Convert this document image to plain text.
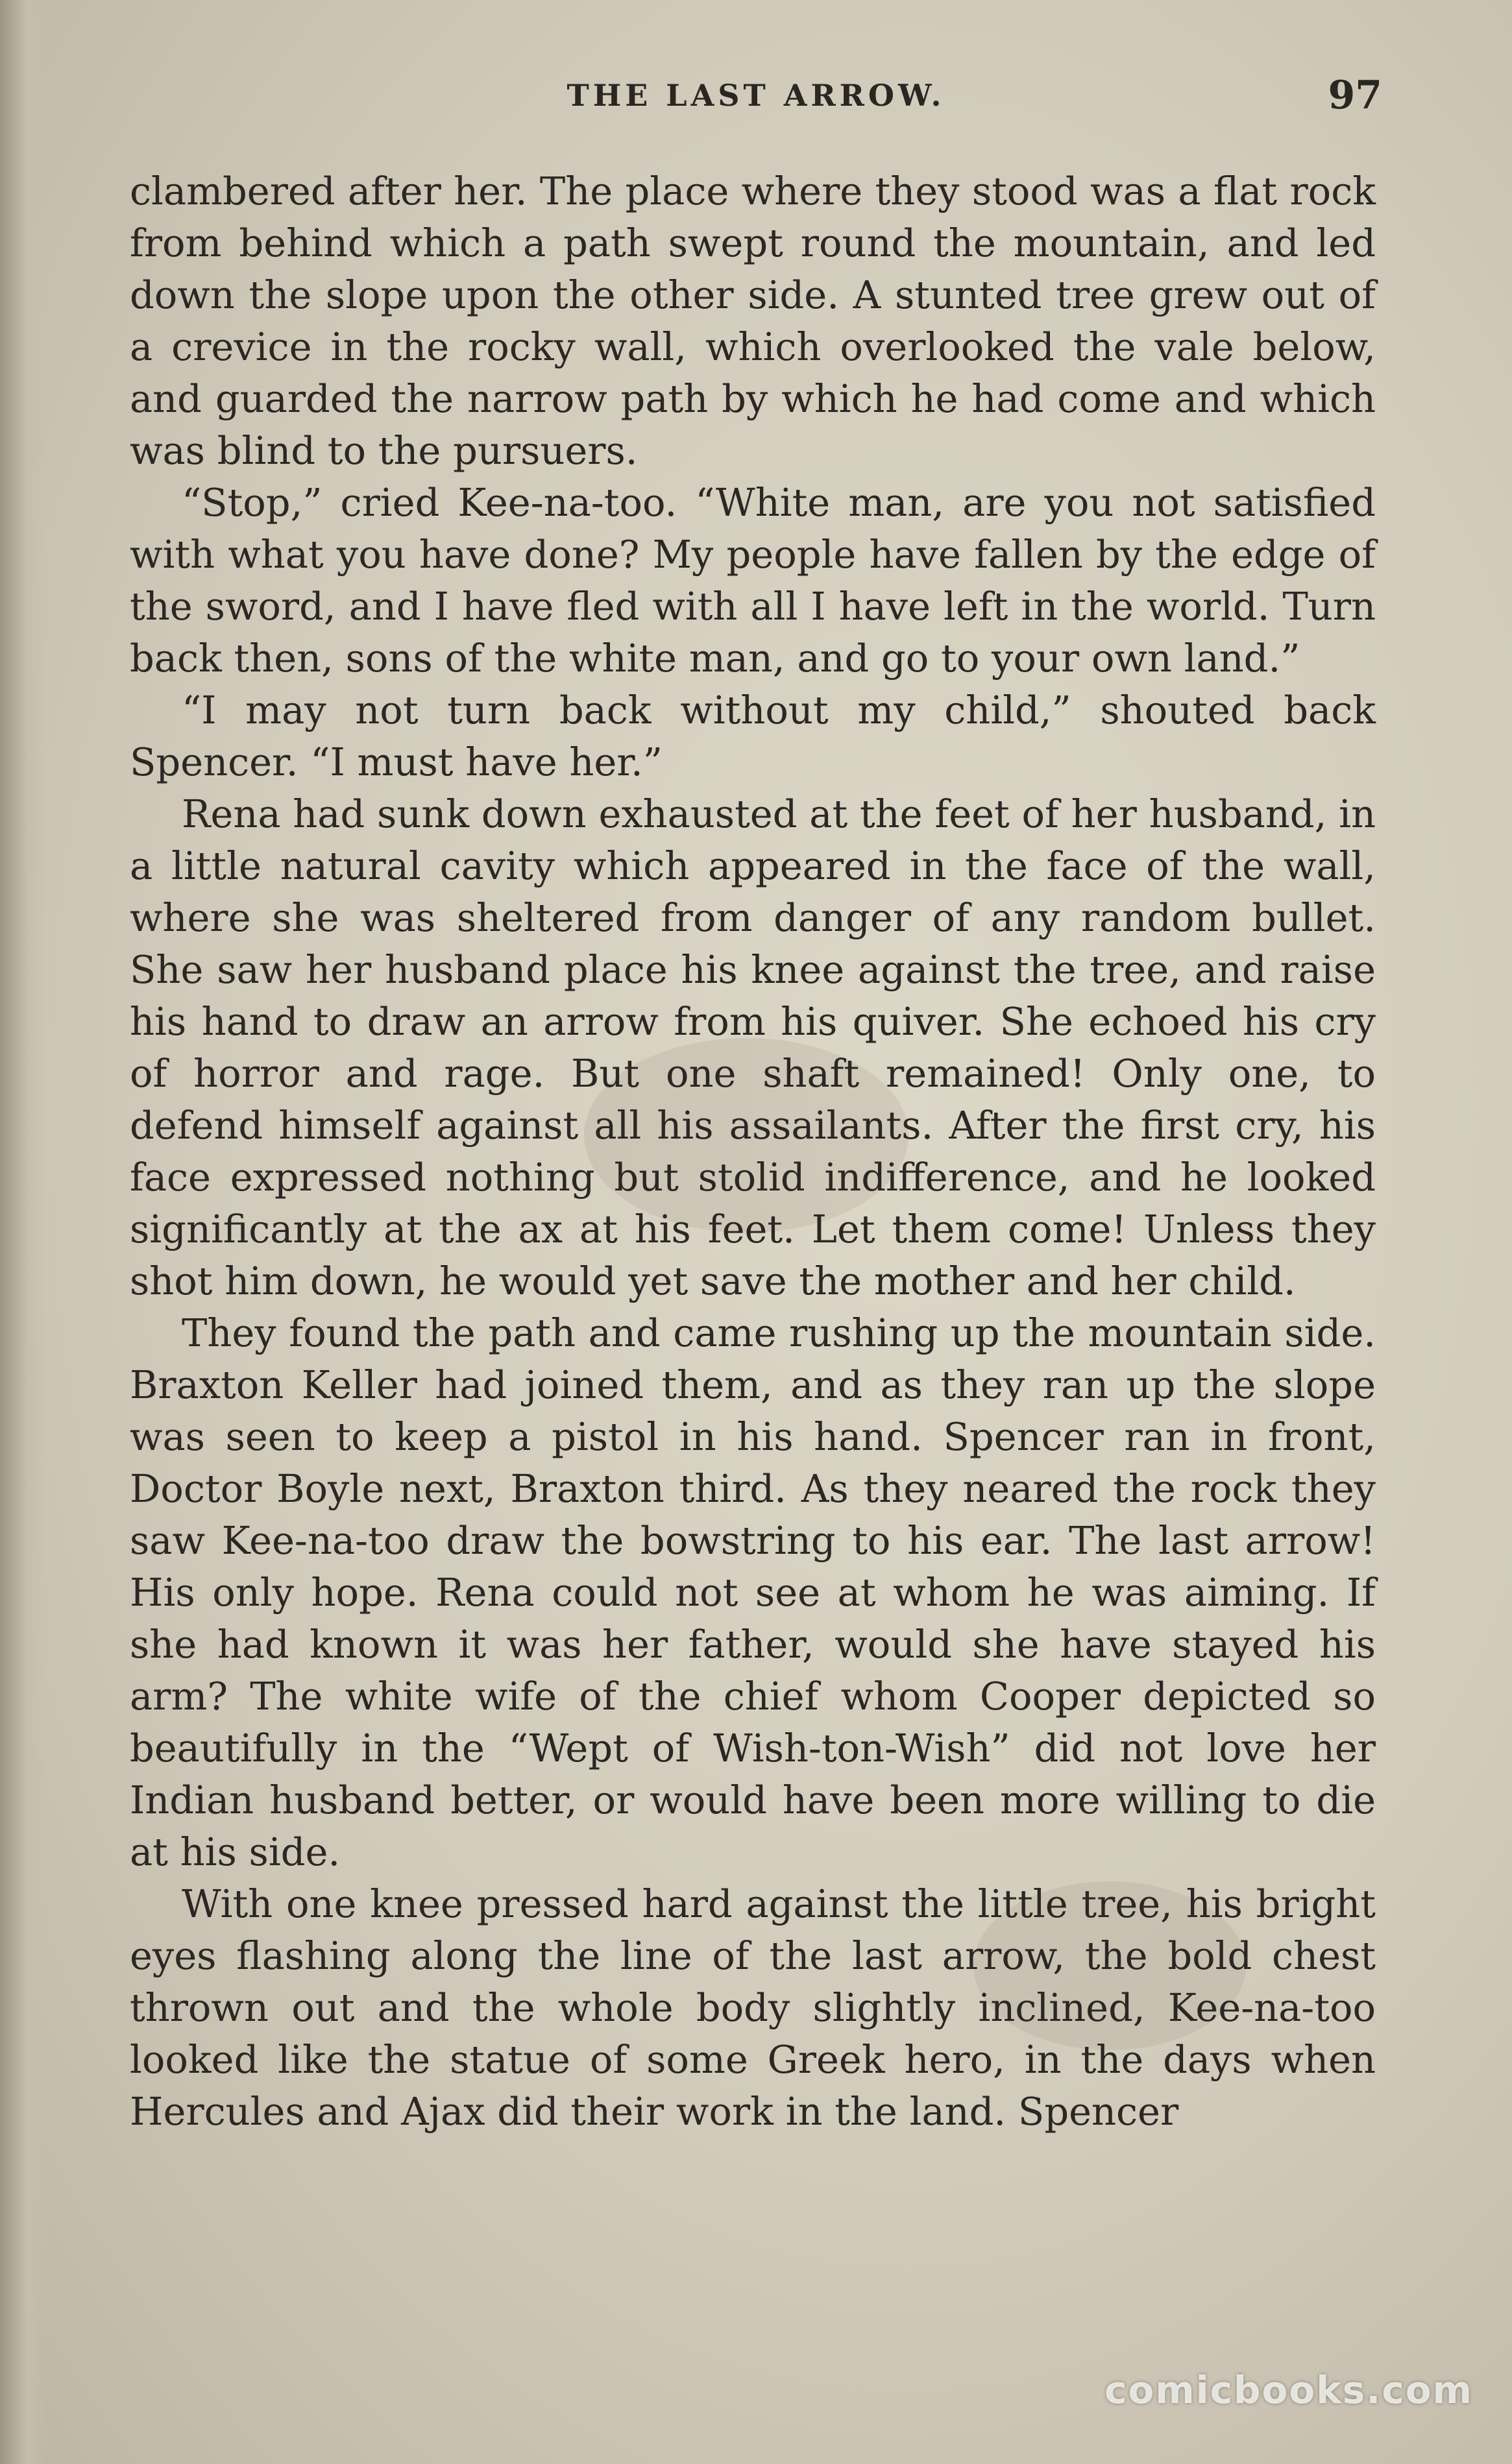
THE LAST ARROW.	97

clambered after her. The place where they stood was a flat rock from behind which a path swept round the mountain, and led down the slope upon the other side. A stunted tree grew out of a crevice in the rocky wall, which overlooked the vale below, and guarded the narrow path by which he had come and which was blind to the pursuers.

“Stop,” cried Kee-na-too. “White man, are you not satisfied with what you have done? My people have fallen by the edge of the sword, and I have fled with all I have left in the world. Turn back then, sons of the white man, and go to your own land.”

“I may not turn back without my child,” shouted back Spencer. “I must have her.”

Rena had sunk down exhausted at the feet of her husband, in a little natural cavity which appeared in the face of the wall, where she was sheltered from danger of any random bullet. She saw her husband place his knee against the tree, and raise his hand to draw an arrow from his quiver. She echoed his cry of horror and rage. But one shaft remained! Only one, to defend himself against all his assailants. After the first cry, his face expressed nothing but stolid indifference, and he looked significantly at the ax at his feet. Let them come! Unless they shot him down, he would yet save the mother and her child.

They found the path and came rushing up the mountain side. Braxton Keller had joined them, and as they ran up the slope was seen to keep a pistol in his hand. Spencer ran in front, Doctor Boyle next, Braxton third. As they neared the rock they saw Kee-na-too draw the bowstring to his ear. The last arrow! His only hope. Rena could not see at whom he was aiming. If she had known it was her father, would she have stayed his arm? The white wife of the chief whom Cooper depicted so beautifully in the “Wept of Wish-ton-Wish” did not love her Indian husband better, or would have been more willing to die at his side.

With one knee pressed hard against the little tree, his bright eyes flashing along the line of the last arrow, the bold chest thrown out and the whole body slightly inclined, Kee-na-too looked like the statue of some Greek hero, in the days when Hercules and Ajax did their work in the land. Spencer

comicbooks.com
